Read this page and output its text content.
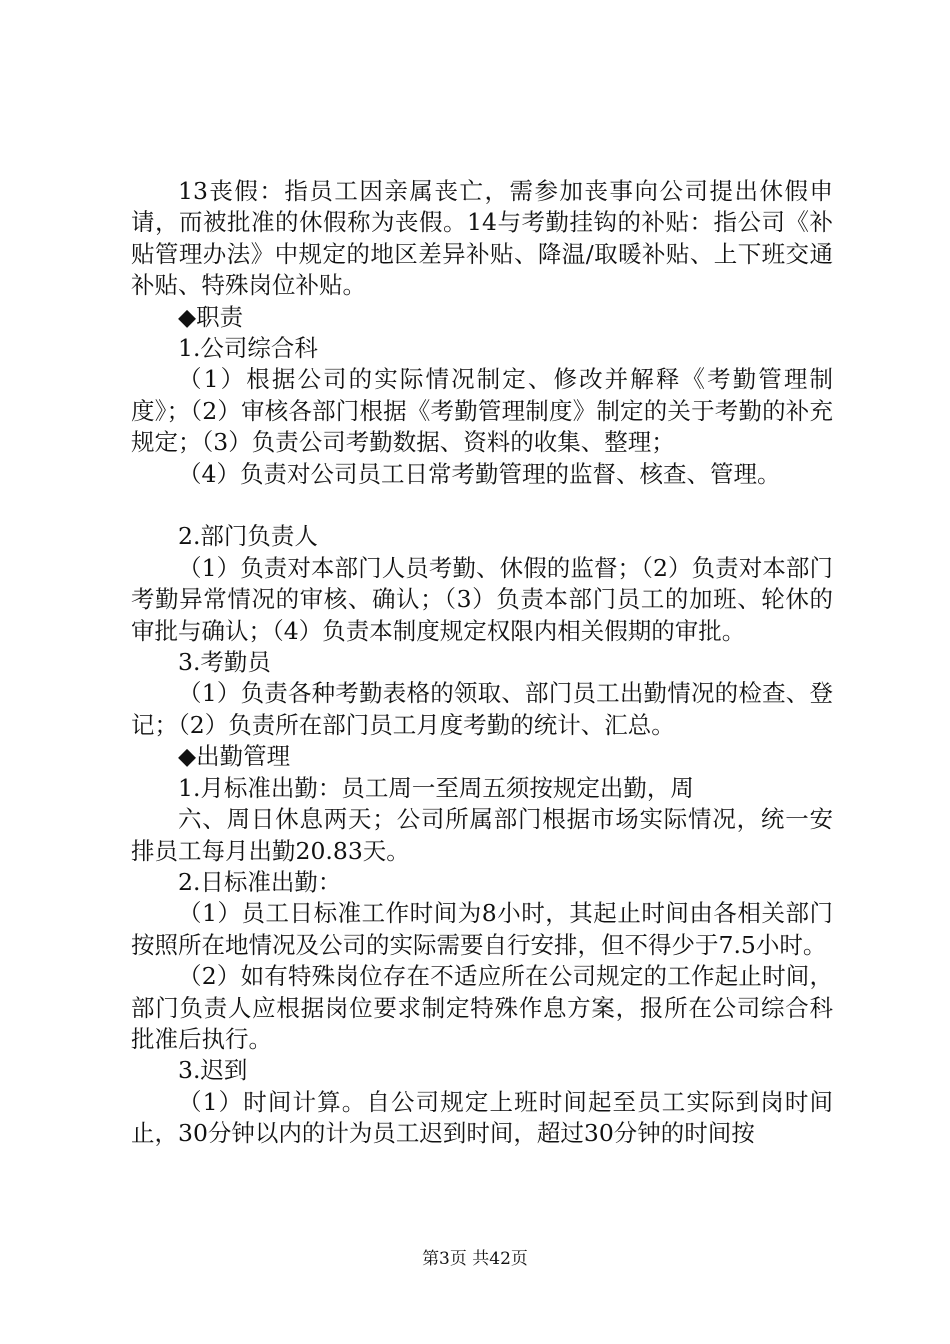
13丧假：指员工因亲属丧亡，需参加丧事向公司提出休假申请，而被批准的休假称为丧假。14与考勤挂钩的补贴：指公司《补贴管理办法》中规定的地区差异补贴、降温/取暖补贴、上下班交通补贴、特殊岗位补贴。

◆职责

1.公司综合科

（1）根据公司的实际情况制定、修改并解释《考勤管理制度》；（2）审核各部门根据《考勤管理制度》制定的关于考勤的补充规定；（3）负责公司考勤数据、资料的收集、整理；

（4）负责对公司员工日常考勤管理的监督、核查、管理。

2.部门负责人

（1）负责对本部门人员考勤、休假的监督；（2）负责对本部门考勤异常情况的审核、确认；（3）负责本部门员工的加班、轮休的审批与确认；（4）负责本制度规定权限内相关假期的审批。

3.考勤员

（1）负责各种考勤表格的领取、部门员工出勤情况的检查、登记；（2）负责所在部门员工月度考勤的统计、汇总。

◆出勤管理

1.月标准出勤：员工周一至周五须按规定出勤，周

六、周日休息两天；公司所属部门根据市场实际情况，统一安排员工每月出勤20.83天。

2.日标准出勤：

（1）员工日标准工作时间为8小时，其起止时间由各相关部门按照所在地情况及公司的实际需要自行安排，但不得少于7.5小时。

（2）如有特殊岗位存在不适应所在公司规定的工作起止时间，部门负责人应根据岗位要求制定特殊作息方案，报所在公司综合科批准后执行。

3.迟到

（1）时间计算。自公司规定上班时间起至员工实际到岗时间止，30分钟以内的计为员工迟到时间，超过30分钟的时间按

第3页 共42页
